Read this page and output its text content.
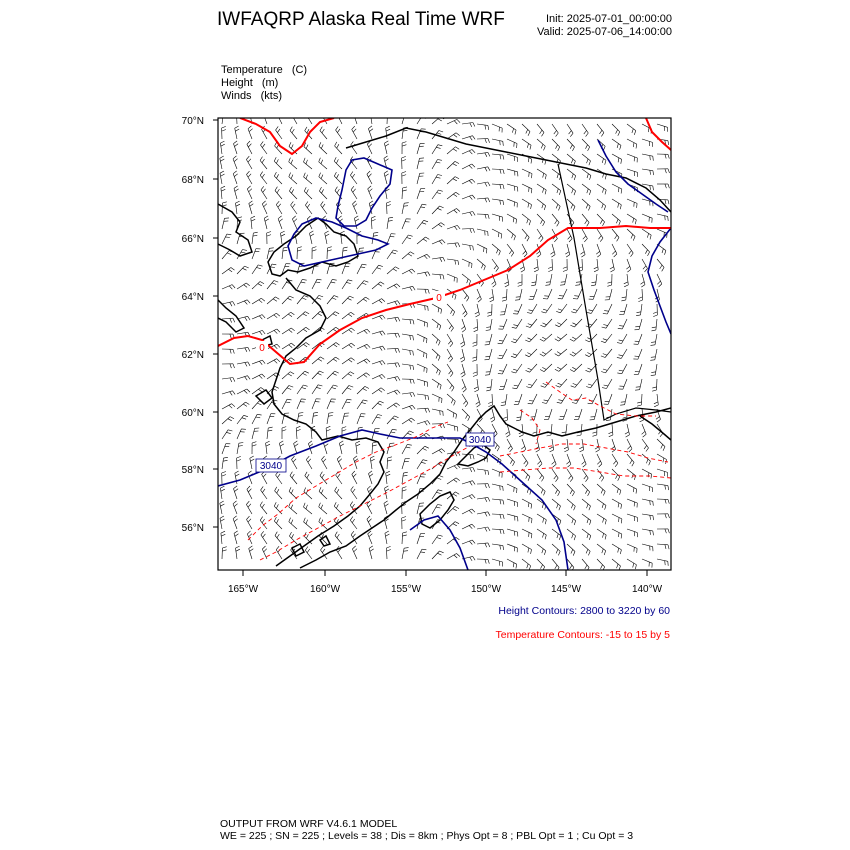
IWFAQRP Alaska Real Time WRF	Init: 2025-07-01_00:00:00
Valid: 2025-07-06_14:00:00
Temperature (C)
Height (m)
Winds (kts)
0
0
3040
3040
70°N
68°N
66°N
64°N
62°N
60°N
58°N
56°N
165°W	160°W	155°W	150°W	145°W	140°W
Height Contours: 2800 to 3220 by 60
Temperature Contours: -15 to 15 by 5
OUTPUT FROM WRF V4.6.1 MODEL
WE = 225 ; SN = 225 ; Levels = 38 ; Dis = 8km ; Phys Opt = 8 ; PBL Opt = 1 ; Cu Opt = 3
